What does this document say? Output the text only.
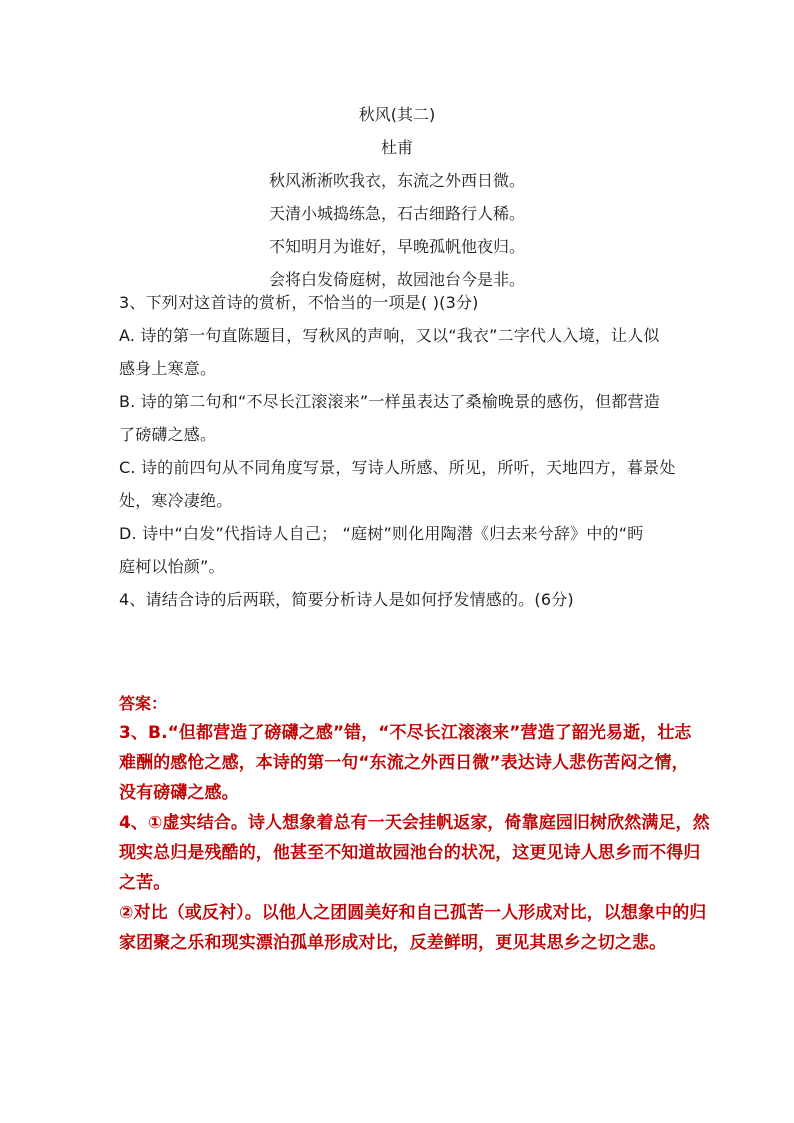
秋风(其二)
杜甫
秋风淅淅吹我衣，东流之外西日微。
天清小城捣练急，石古细路行人稀。
不知明月为谁好，早晚孤帆他夜归。
会将白发倚庭树，故园池台今是非。
3、下列对这首诗的赏析，不恰当的一项是( )(3分)
A. 诗的第一句直陈题目，写秋风的声响，又以“我衣”二字代人入境，让人似
感身上寒意。
B. 诗的第二句和“不尽长江滚滚来”一样虽表达了桑榆晚景的感伤，但都营造
了磅礴之感。
C. 诗的前四句从不同角度写景，写诗人所感、所见，所听，天地四方，暮景处
处，寒冷凄绝。
D. 诗中“白发”代指诗人自己； “庭树”则化用陶潜《归去来兮辞》中的“眄
庭柯以怡颜”。
4、请结合诗的后两联，简要分析诗人是如何抒发情感的。(6分)
答案：
3、B.“但都营造了磅礴之感”错，“不尽长江滚滚来”营造了韶光易逝，壮志
难酬的感怆之感，本诗的第一句“东流之外西日微”表达诗人悲伤苦闷之情，
没有磅礴之感。
4、①虚实结合。诗人想象着总有一天会挂帆返家，倚靠庭园旧树欣然满足，然
现实总归是残酷的，他甚至不知道故园池台的状况，这更见诗人思乡而不得归
之苦。
②对比（或反衬）。以他人之团圆美好和自己孤苦一人形成对比，以想象中的归
家团聚之乐和现实漂泊孤单形成对比，反差鲜明，更见其思乡之切之悲。
